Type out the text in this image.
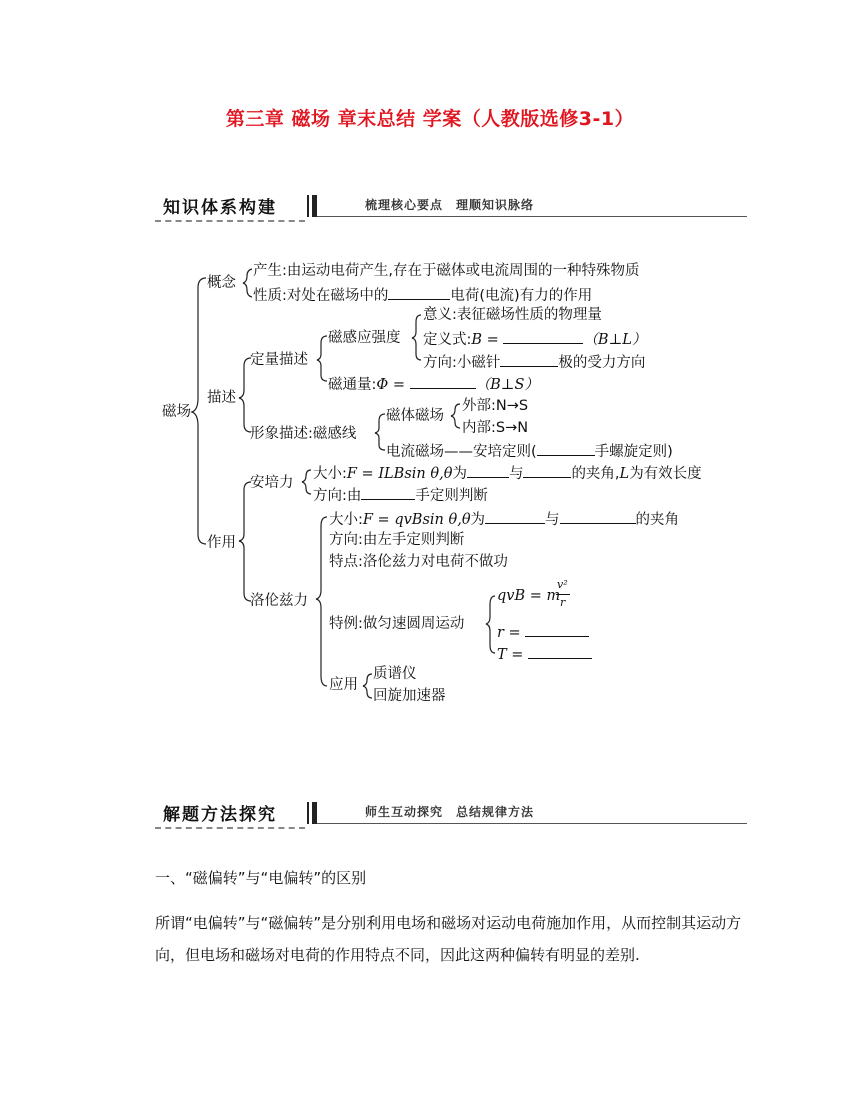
第三章 磁场 章末总结 学案（人教版选修3-1）
知识体系构建	梳理核心要点　理顺知识脉络
磁场
概念
产生:由运动电荷产生,存在于磁体或电流周围的一种特殊物质
性质:对处在磁场中的	电荷(电流)有力的作用
描述
定量描述
磁感应强度
意义:表征磁场性质的物理量
定义式:B =	（B⊥L）
方向:小磁针	极的受力方向
磁通量:Φ =	（B⊥S）
形象描述:磁感线
磁体磁场
外部:N→S
内部:S→N
电流磁场——安培定则(	手螺旋定则)
作用
安培力
大小:F = ILBsin θ,θ为	与	的夹角,L为有效长度
方向:由	手定则判断
洛伦兹力
大小:F = qvBsin θ,θ为	与	的夹角
方向:由左手定则判断
特点:洛伦兹力对电荷不做功
特例:做匀速圆周运动
qvB = m
v²
r
r =
T =
应用
质谱仪
回旋加速器
解题方法探究	师生互动探究　总结规律方法
一、“磁偏转”与“电偏转”的区别
所谓“电偏转”与“磁偏转”是分别利用电场和磁场对运动电荷施加作用，从而控制其运动方向，但电场和磁场对电荷的作用特点不同，因此这两种偏转有明显的差别.
